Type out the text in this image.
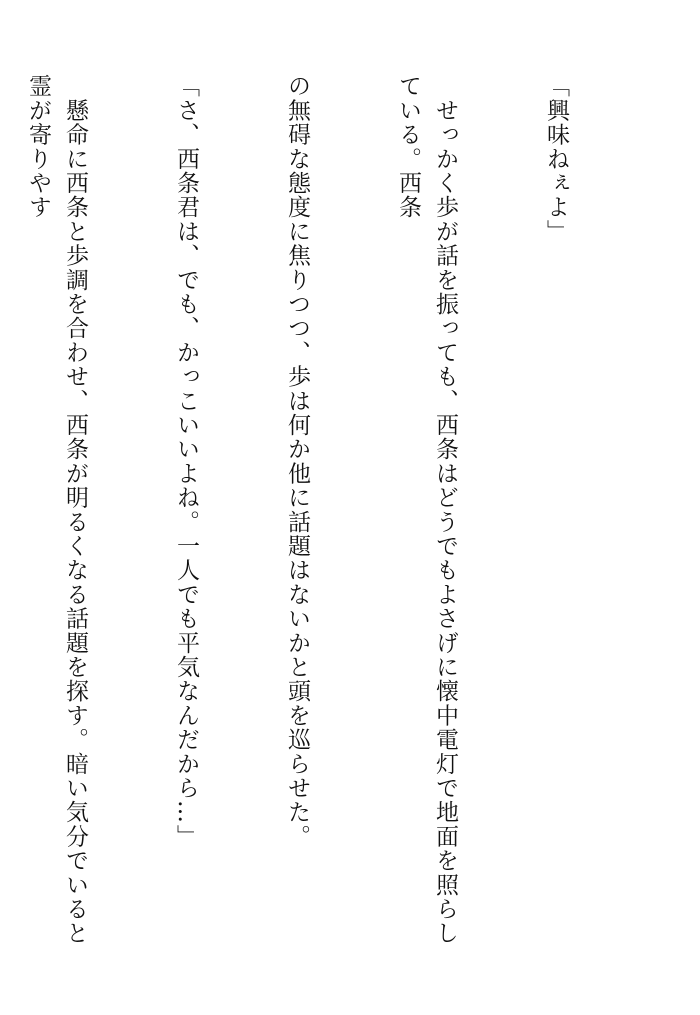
「興味ねぇよ」

　せっかく歩が話を振っても、西条はどうでもよさげに懐中電灯で地面を照らしている。西条

の無碍な態度に焦りつつ、歩は何か他に話題はないかと頭を巡らせた。

「さ、西条君は、でも、かっこいいよね。一人でも平気なんだから…」

　懸命に西条と歩調を合わせ、西条が明るくなる話題を探す。暗い気分でいると霊が寄りやす
